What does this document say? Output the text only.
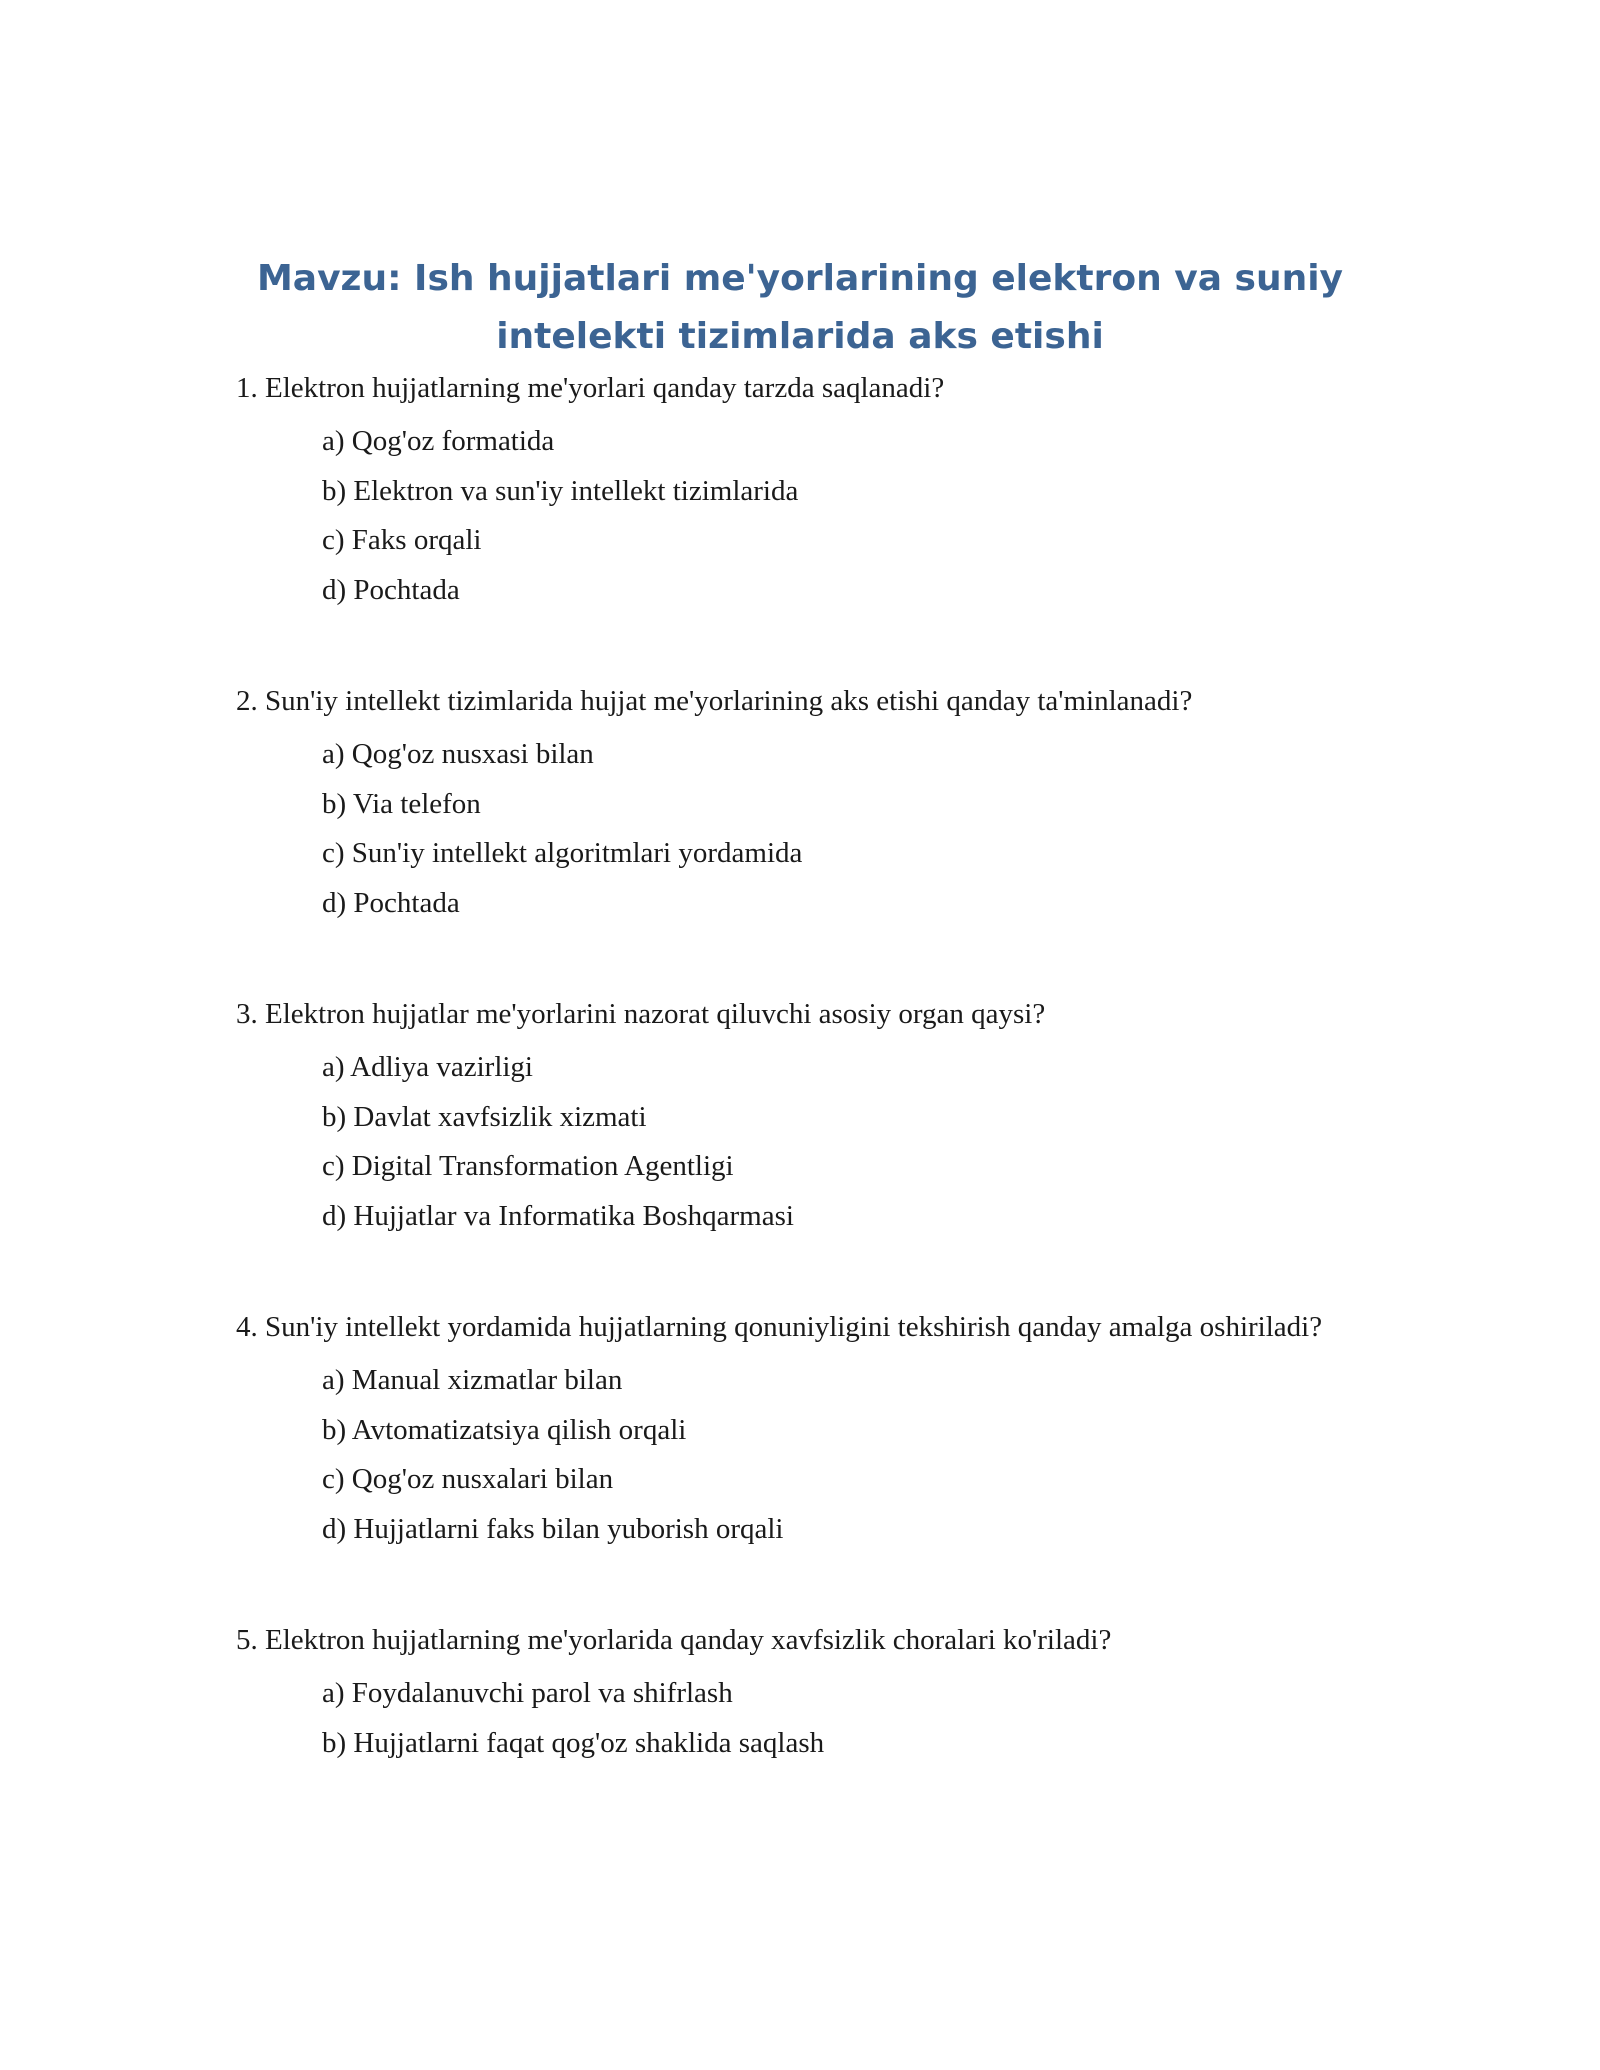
Mavzu: Ish hujjatlari me'yorlarining elektron va suniy intelekti tizimlarida aks etishi

1. Elektron hujjatlarning me'yorlari qanday tarzda saqlanadi?

a) Qog'oz formatida
b) Elektron va sun'iy intellekt tizimlarida
c) Faks orqali
d) Pochtada

2. Sun'iy intellekt tizimlarida hujjat me'yorlarining aks etishi qanday ta'minlanadi?

a) Qog'oz nusxasi bilan
b) Via telefon
c) Sun'iy intellekt algoritmlari yordamida
d) Pochtada

3. Elektron hujjatlar me'yorlarini nazorat qiluvchi asosiy organ qaysi?

a) Adliya vazirligi
b) Davlat xavfsizlik xizmati
c) Digital Transformation Agentligi
d) Hujjatlar va Informatika Boshqarmasi

4. Sun'iy intellekt yordamida hujjatlarning qonuniyligini tekshirish qanday amalga oshiriladi?

a) Manual xizmatlar bilan
b) Avtomatizatsiya qilish orqali
c) Qog'oz nusxalari bilan
d) Hujjatlarni faks bilan yuborish orqali

5. Elektron hujjatlarning me'yorlarida qanday xavfsizlik choralari ko'riladi?

a) Foydalanuvchi parol va shifrlash
b) Hujjatlarni faqat qog'oz shaklida saqlash
